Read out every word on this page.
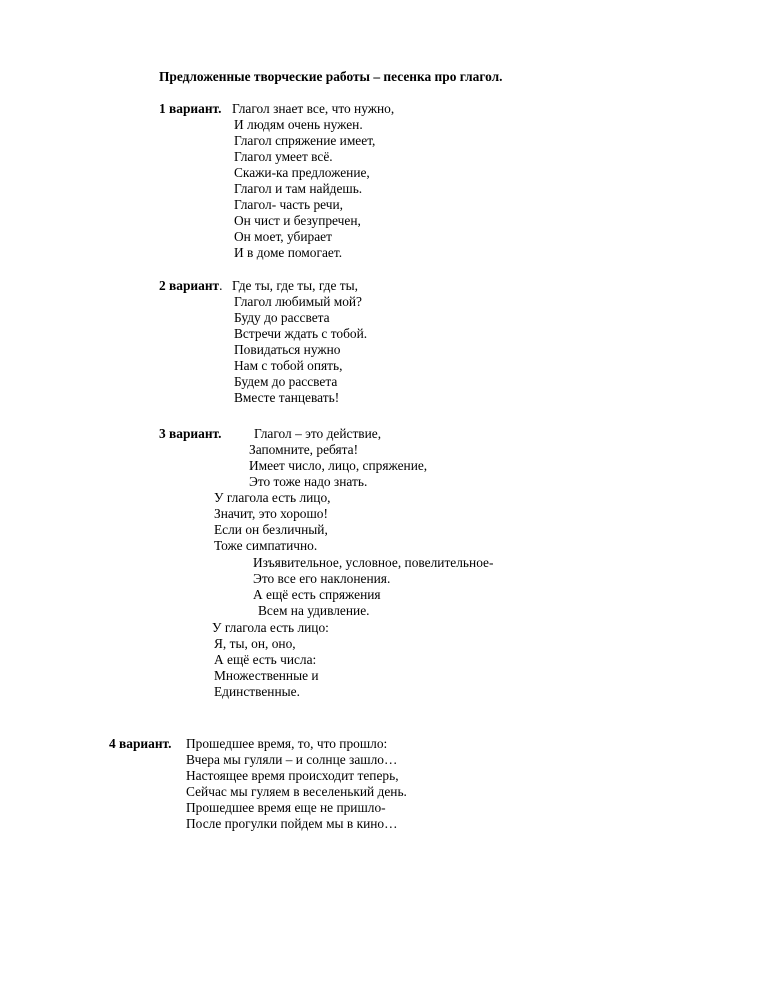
Предложенные творческие работы – песенка про глагол.
1 вариант. Глагол знает все, что нужно,
И людям очень нужен.
Глагол спряжение имеет,
Глагол умеет всё.
Скажи-ка предложение,
Глагол и там найдешь.
Глагол- часть речи,
Он чист и безупречен,
Он моет, убирает
И в доме помогает.
2 вариант. Где ты, где ты, где ты,
Глагол любимый мой?
Буду до рассвета
Встречи ждать с тобой.
Повидаться нужно
Нам с тобой опять,
Будем до рассвета
Вместе танцевать!
3 вариант. Глагол – это действие,
Запомните, ребята!
Имеет число, лицо, спряжение,
Это тоже надо знать.
У глагола есть лицо,
Значит, это хорошо!
Если он безличный,
Тоже симпатично.
Изъявительное, условное, повелительное-
Это все его наклонения.
А ещё есть спряжения
Всем на удивление.
У глагола есть лицо:
Я, ты, он, оно,
А ещё есть числа:
Множественные и
Единственные.
4 вариант. Прошедшее время, то, что прошло:
Вчера мы гуляли – и солнце зашло…
Настоящее время происходит теперь,
Сейчас мы гуляем в веселенький день.
Прошедшее время еще не пришло-
После прогулки пойдем мы в кино…
